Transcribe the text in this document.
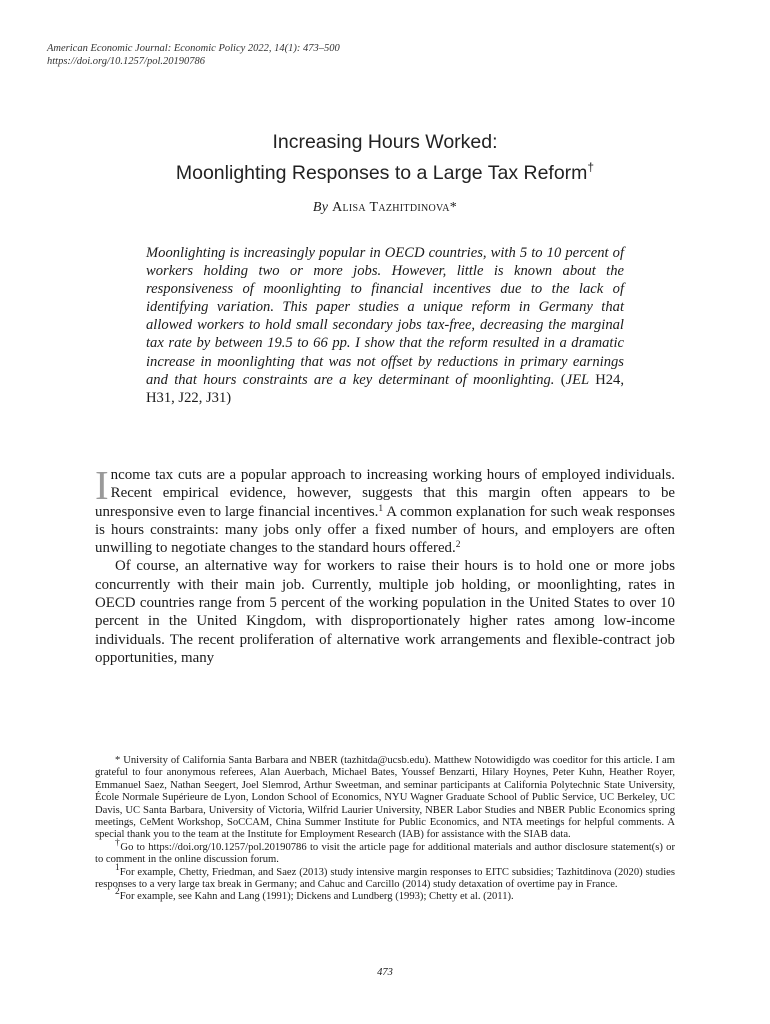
American Economic Journal: Economic Policy 2022, 14(1): 473–500
https://doi.org/10.1257/pol.20190786
Increasing Hours Worked:
Moonlighting Responses to a Large Tax Reform†
By Alisa Tazhitdinova*
Moonlighting is increasingly popular in OECD countries, with 5 to 10 percent of workers holding two or more jobs. However, little is known about the responsiveness of moonlighting to financial incentives due to the lack of identifying variation. This paper studies a unique reform in Germany that allowed workers to hold small secondary jobs tax-free, decreasing the marginal tax rate by between 19.5 to 66 pp. I show that the reform resulted in a dramatic increase in moonlighting that was not offset by reductions in primary earnings and that hours constraints are a key determinant of moonlighting. (JEL H24, H31, J22, J31)

Income tax cuts are a popular approach to increasing working hours of employed individuals. Recent empirical evidence, however, suggests that this margin often appears to be unresponsive even to large financial incentives.$^1$ A common explanation for such weak responses is hours constraints: many jobs only offer a fixed number of hours, and employers are often unwilling to negotiate changes to the standard hours offered.$^2$

Of course, an alternative way for workers to raise their hours is to hold one or more jobs concurrently with their main job. Currently, multiple job holding, or moonlighting, rates in OECD countries range from 5 percent of the working population in the United States to over 10 percent in the United Kingdom, with disproportionately higher rates among low-income individuals. The recent proliferation of alternative work arrangements and flexible-contract job opportunities, many

* University of California Santa Barbara and NBER (tazhitda@ucsb.edu). Matthew Notowidigdo was coeditor for this article. I am grateful to four anonymous referees, Alan Auerbach, Michael Bates, Youssef Benzarti, Hilary Hoynes, Peter Kuhn, Heather Royer, Emmanuel Saez, Nathan Seegert, Joel Slemrod, Arthur Sweetman, and seminar participants at California Polytechnic State University, École Normale Supérieure de Lyon, London School of Economics, NYU Wagner Graduate School of Public Service, UC Berkeley, UC Davis, UC Santa Barbara, University of Victoria, Wilfrid Laurier University, NBER Labor Studies and NBER Public Economics spring meetings, CeMent Workshop, SoCCAM, China Summer Institute for Public Economics, and NTA meetings for helpful comments. A special thank you to the team at the Institute for Employment Research (IAB) for assistance with the SIAB data.

†Go to https://doi.org/10.1257/pol.20190786 to visit the article page for additional materials and author disclosure statement(s) or to comment in the online discussion forum.

$^1$For example, Chetty, Friedman, and Saez (2013) study intensive margin responses to EITC subsidies; Tazhitdinova (2020) studies responses to a very large tax break in Germany; and Cahuc and Carcillo (2014) study detaxation of overtime pay in France.

$^2$For example, see Kahn and Lang (1991); Dickens and Lundberg (1993); Chetty et al. (2011).

473
